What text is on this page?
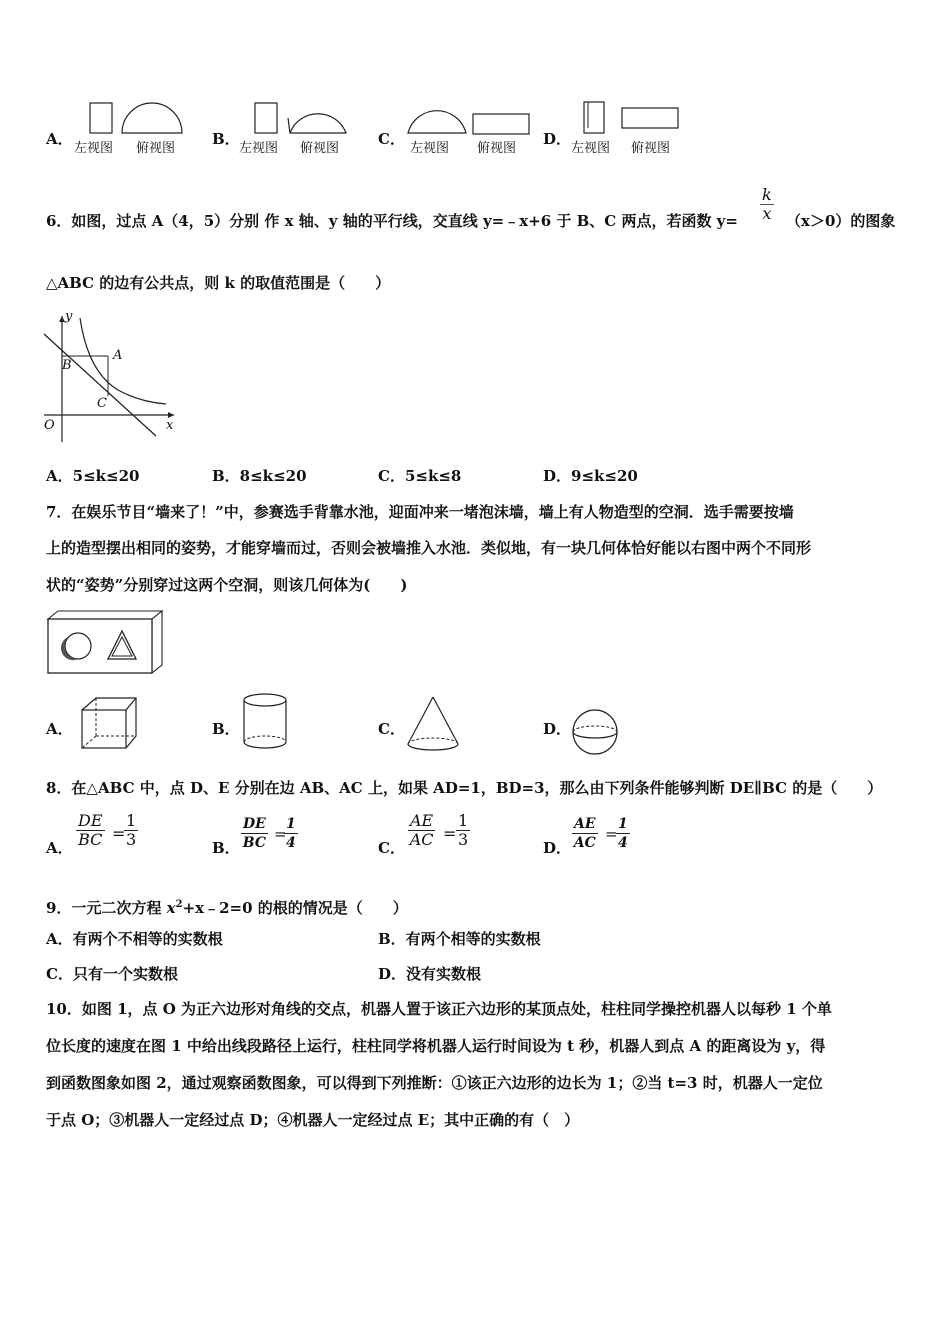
A．
左视图 俯视图
B．
左视图 俯视图
C．
左视图 俯视图
D．
左视图 俯视图
6．如图，过点 A（4，5）分别 作 x 轴、y 轴的平行线，交直线 y=﹣x+6 于 B、C 两点，若函数 $y= \frac{k}{x} (x>0)$的图象
△ABC 的边有公共点，则 k 的取值范围是（　　）
y
x
O
A
B
C
A．5≤k≤20	B．8≤k≤20	C．5≤k≤8	D．9≤k≤20
7．在娱乐节目“墙来了！”中，参赛选手背靠水池，迎面冲来一堵泡沫墙，墙上有人物造型的空洞．选手需要按墙
上的造型摆出相同的姿势，才能穿墙而过，否则会被墙推入水池．类似地，有一块几何体恰好能以右图中两个不同形
状的“姿势”分别穿过这两个空洞，则该几何体为(　　)
A．	B．	C．	D．
8．在△ABC 中，点 D、E 分别在边 AB、AC 上，如果 AD=1，BD=3，那么由下列条件能够判断 DE∥BC 的是（　　）
A． $\frac{DE}{BC}$ =
$\frac{1}{3}$	B． $\frac{DE}{BC}$ =
$\frac{1}{4}$	C． $\frac{AE}{AC} = \frac{1}{3}$	D． $\frac{AE}{AC}$ =
$\frac{1}{4}$
9．一元二次方程 $x^2+x﹣2=0$ 的根的情况是（　　）
A．有两个不相等的实数根	B．有两个相等的实数根
C．只有一个实数根	D．没有实数根
10．如图 1，点 O 为正六边形对角线的交点，机器人置于该正六边形的某顶点处，柱柱同学操控机器人以每秒 1 个单
位长度的速度在图 1 中给出线段路径上运行，柱柱同学将机器人运行时间设为 t 秒，机器人到点 A 的距离设为 y，得
到函数图象如图 2，通过观察函数图象，可以得到下列推断：①该正六边形的边长为 1；②当 t=3 时，机器人一定位
于点 O；③机器人一定经过点 D；④机器人一定经过点 E；其中正确的有（　）
